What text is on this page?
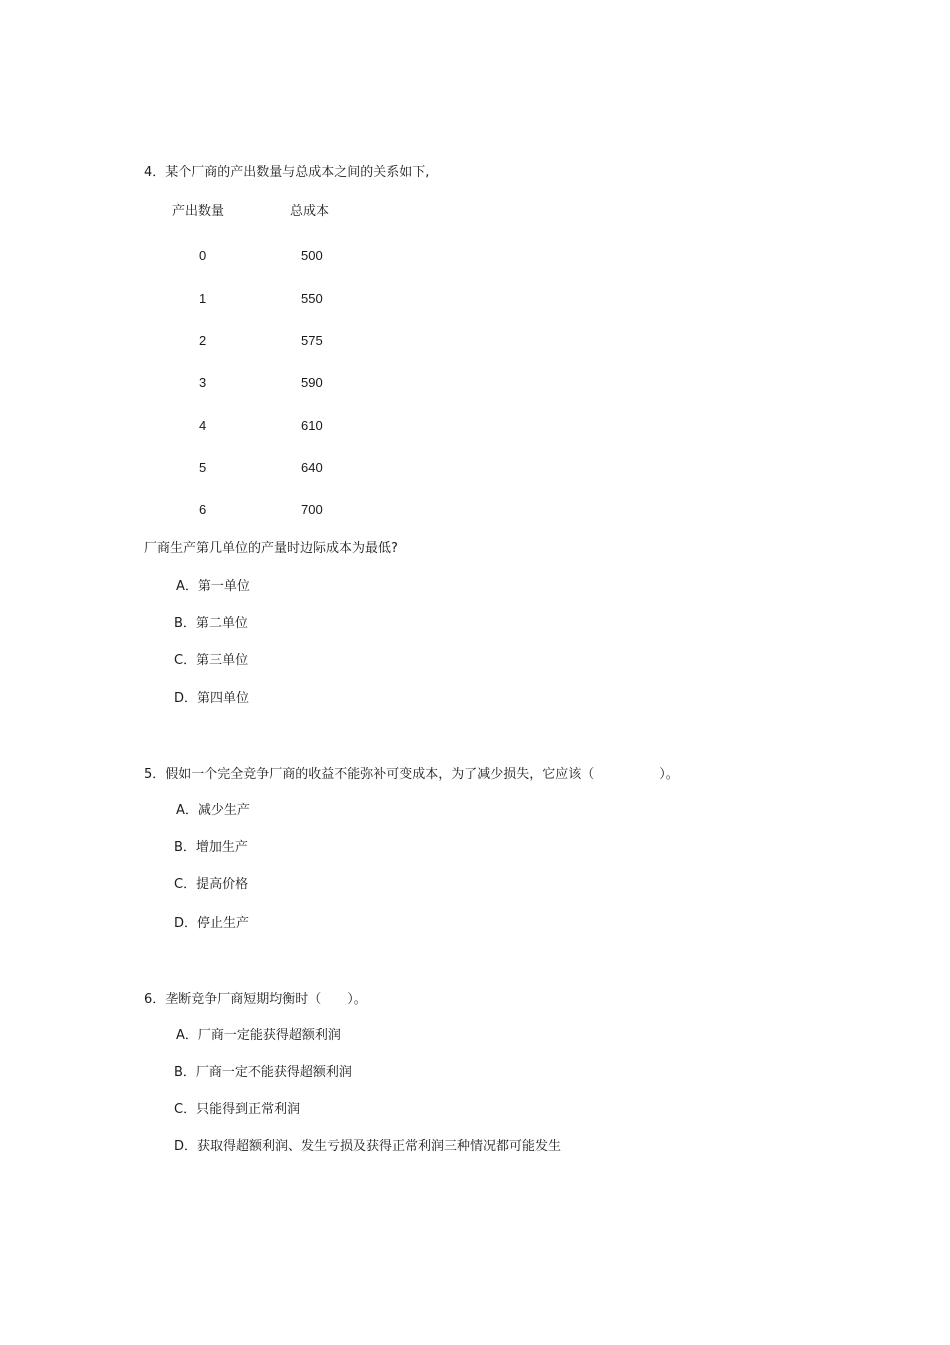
4．某个厂商的产出数量与总成本之间的关系如下,
产出数量	总成本
0	500
1	550
2	575
3	590
4	610
5	640
6	700
厂商生产第几单位的产量时边际成本为最低?
A．第一单位
B．第二单位
C．第三单位
D．第四单位
5．假如一个完全竞争厂商的收益不能弥补可变成本，为了减少损失，它应该（　　　　　）。
A．减少生产
B．增加生产
C．提高价格
D．停止生产
6．垄断竞争厂商短期均衡时（　　）。
A．厂商一定能获得超额利润
B．厂商一定不能获得超额利润
C．只能得到正常利润
D．获取得超额利润、发生亏损及获得正常利润三种情况都可能发生
